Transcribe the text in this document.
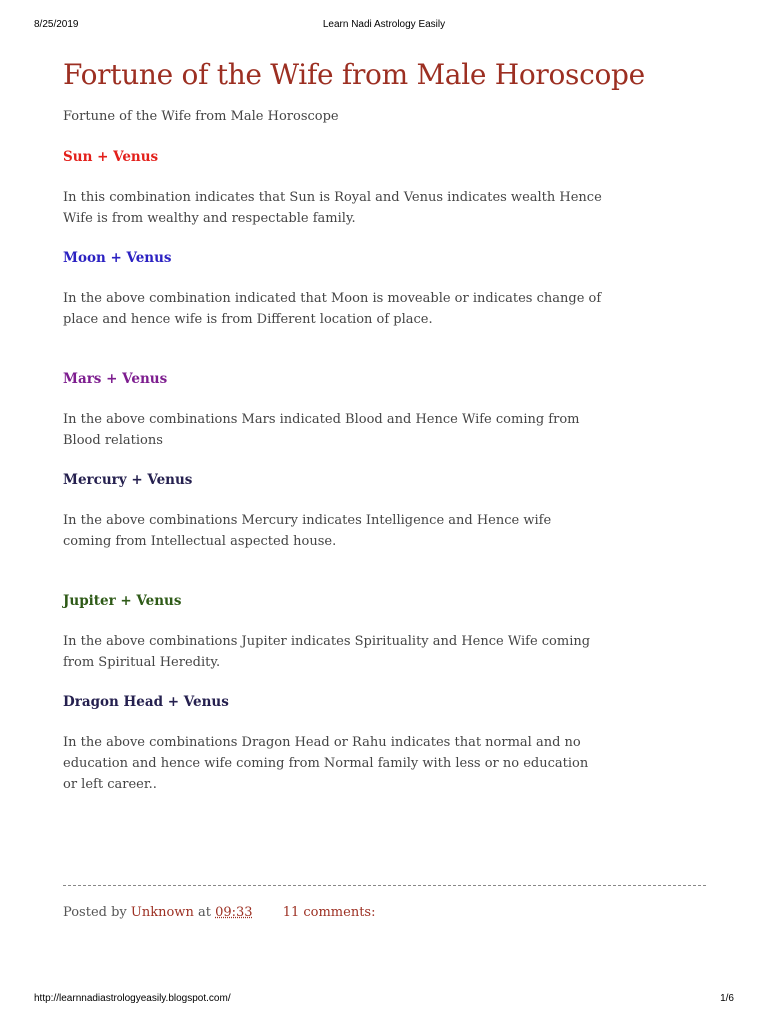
8/25/2019	Learn Nadi Astrology Easily
Fortune of the Wife from Male Horoscope

Fortune of the Wife from Male Horoscope

Sun + Venus

In this combination indicates that Sun is Royal and Venus indicates wealth Hence Wife is from wealthy and respectable family.

Moon + Venus

In the above combination indicated that Moon is moveable or indicates change of place and hence wife is from Different location of place.

Mars + Venus

In the above combinations Mars indicated Blood and Hence Wife coming from Blood relations

Mercury + Venus

In the above combinations Mercury indicates Intelligence and Hence wife coming from Intellectual aspected house.

Jupiter + Venus

In the above combinations Jupiter indicates Spirituality and Hence Wife coming from Spiritual Heredity.

Dragon Head + Venus

In the above combinations Dragon Head or Rahu indicates that normal and no education and hence wife coming from Normal family with less or no education or left career..

Posted by Unknown at 09:33 11 comments:
http://learnnadiastrologyeasily.blogspot.com/	1/6
